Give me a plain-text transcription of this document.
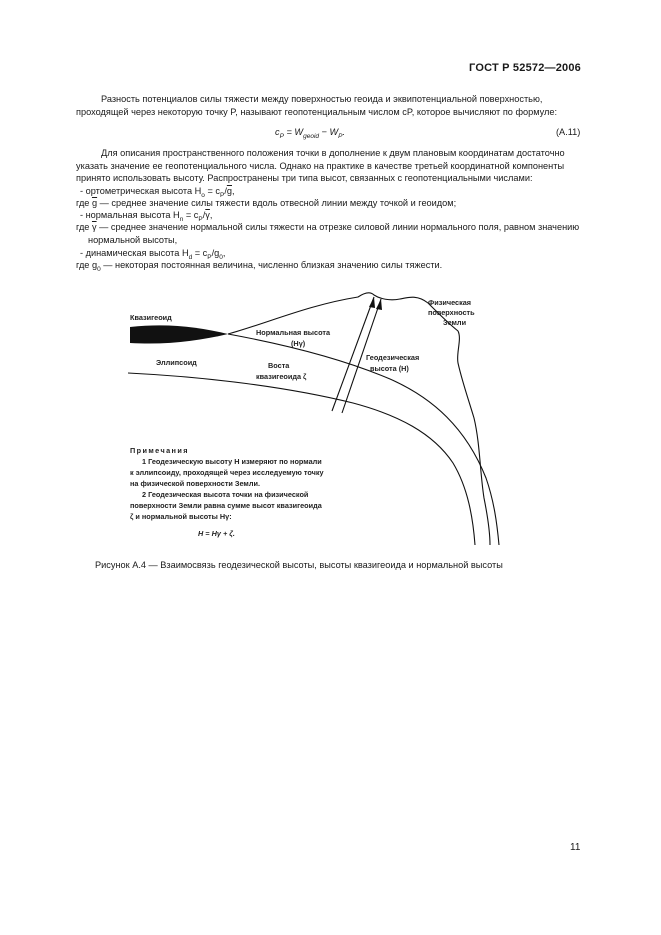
ГОСТ Р 52572—2006

Разность потенциалов силы тяжести между поверхностью геоида и эквипотенциальной поверхностью, проходящей через некоторую точку P, называют геопотенциальным числом cP, которое вычисляют по формуле:

$c_P = W_{geoid} - W_P$.	(A.11)

Для описания пространственного положения точки в дополнение к двум плановым координатам достаточно указать значение ее геопотенциального числа. Однако на практике в качестве третьей координатной компоненты принято использовать высоту. Распространены три типа высот, связанных с геопотенциальными числами:

- ортометрическая высота $H_o = c_P/\overline{g}$,
где $\overline{g}$ — среднее значение силы тяжести вдоль отвесной линии между точкой и геоидом;
- нормальная высота $H_n = c_P/\overline{\gamma}$,

где $\overline{\gamma}$ — среднее значение нормальной силы тяжести на отрезке силовой линии нормального поля, равном значению нормальной высоты,

- динамическая высота $H_d = c_P/g_0$,
где $g_0$ — некоторая постоянная величина, численно близкая значению силы тяжести.
Квазигеоид
Физическая
поверхность
Земли
Нормальная высота
(Hγ)
Эллипсоид	Воста
квазигеоида ζ
Геодезическая
высота (H)
Примечания
1 Геодезическую высоту H измеряют по нормали
к эллипсоиду, проходящей через исследуемую точку
на физической поверхности Земли.
2 Геодезическая высота точки на физической
поверхности Земли равна сумме высот квазигеоида
ζ и нормальной высоты Hγ:
H = Hγ + ζ.
Рисунок А.4 — Взаимосвязь геодезической высоты, высоты квазигеоида и нормальной высоты
11
